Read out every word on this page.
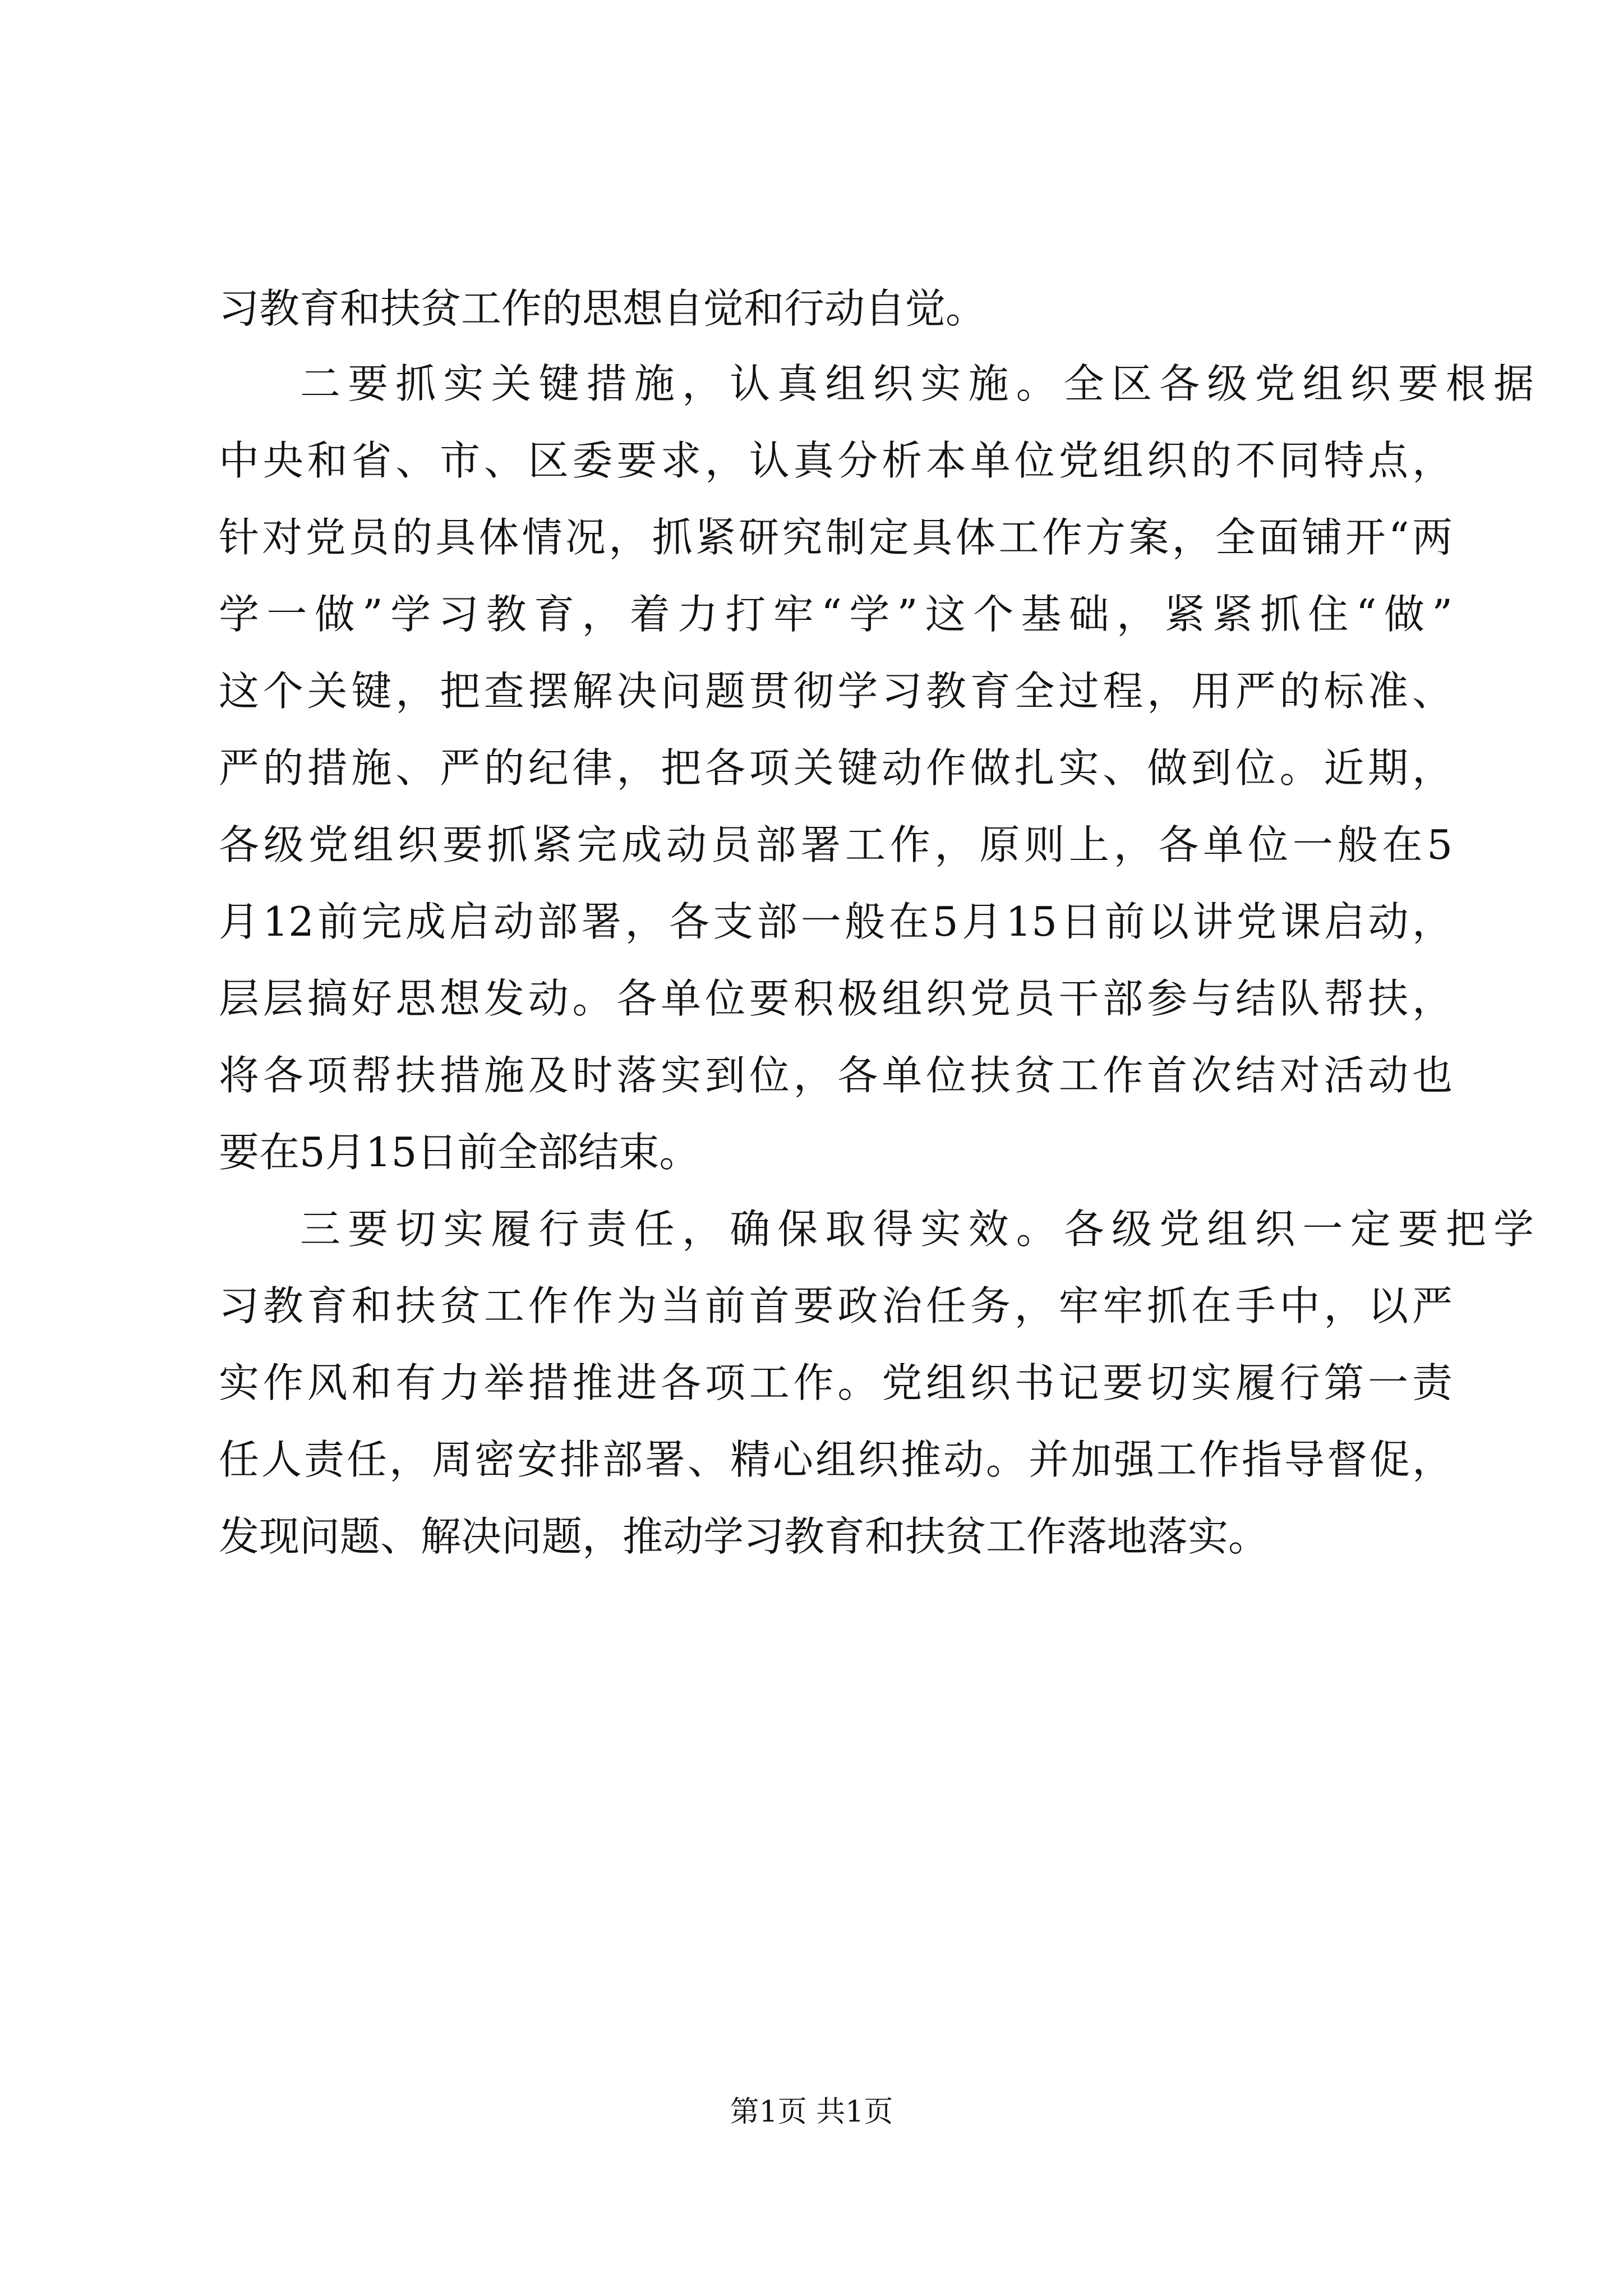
习教育和扶贫工作的思想自觉和行动自觉。

二要抓实关键措施，认真组织实施。全区各级党组织要根据

中央和省、市、区委要求，认真分析本单位党组织的不同特点，

针对党员的具体情况，抓紧研究制定具体工作方案，全面铺开“两

学一做”学习教育，着力打牢“学”这个基础，紧紧抓住“做”

这个关键，把查摆解决问题贯彻学习教育全过程，用严的标准、

严的措施、严的纪律，把各项关键动作做扎实、做到位。近期，

各级党组织要抓紧完成动员部署工作，原则上，各单位一般在5

月12前完成启动部署，各支部一般在5月15日前以讲党课启动，

层层搞好思想发动。各单位要积极组织党员干部参与结队帮扶，

将各项帮扶措施及时落实到位，各单位扶贫工作首次结对活动也

要在5月15日前全部结束。

三要切实履行责任，确保取得实效。各级党组织一定要把学

习教育和扶贫工作作为当前首要政治任务，牢牢抓在手中，以严

实作风和有力举措推进各项工作。党组织书记要切实履行第一责

任人责任，周密安排部署、精心组织推动。并加强工作指导督促，

发现问题、解决问题，推动学习教育和扶贫工作落地落实。

第1页 共1页
